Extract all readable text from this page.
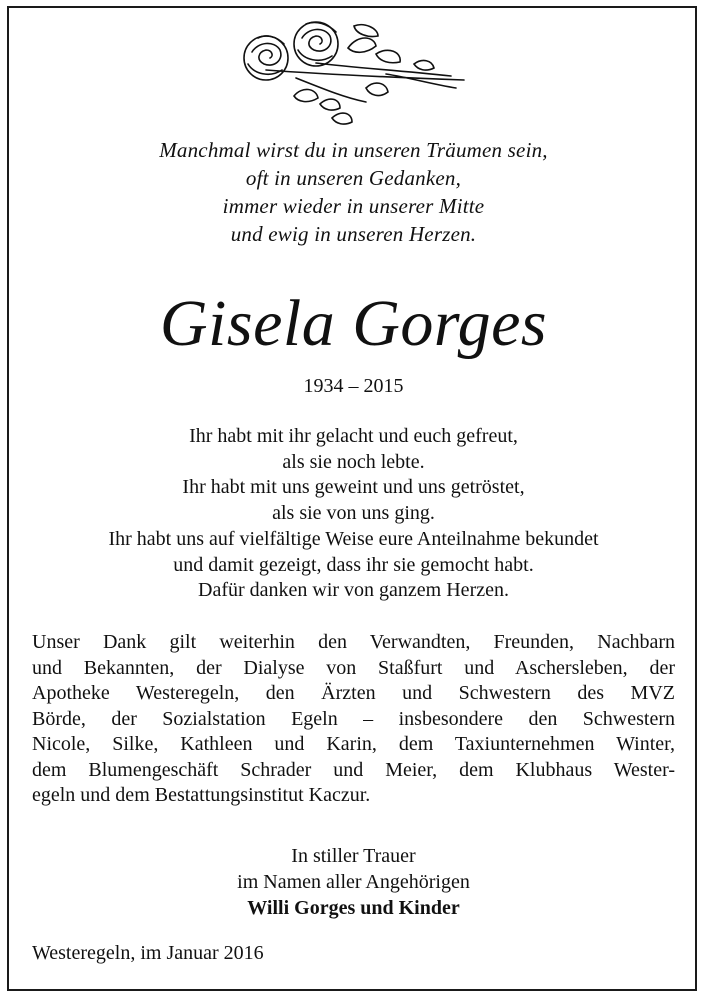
Manchmal wirst du in unseren Träumen sein,
oft in unseren Gedanken,
immer wieder in unserer Mitte
und ewig in unseren Herzen.
Gisela Gorges
1934 – 2015
Ihr habt mit ihr gelacht und euch gefreut,
als sie noch lebte.
Ihr habt mit uns geweint und uns getröstet,
als sie von uns ging.
Ihr habt uns auf vielfältige Weise eure Anteilnahme bekundet
und damit gezeigt, dass ihr sie gemocht habt.
Dafür danken wir von ganzem Herzen.
Unser Dank gilt weiterhin den Verwandten, Freunden, Nachbarn
und Bekannten, der Dialyse von Staßfurt und Aschersleben, der
Apotheke Westeregeln, den Ärzten und Schwestern des MVZ
Börde, der Sozialstation Egeln – insbesondere den Schwestern
Nicole, Silke, Kathleen und Karin, dem Taxiunternehmen Winter,
dem Blumengeschäft Schrader und Meier, dem Klubhaus Wester-
egeln und dem Bestattungsinstitut Kaczur.
In stiller Trauer
im Namen aller Angehörigen
Willi Gorges und Kinder
Westeregeln, im Januar 2016
